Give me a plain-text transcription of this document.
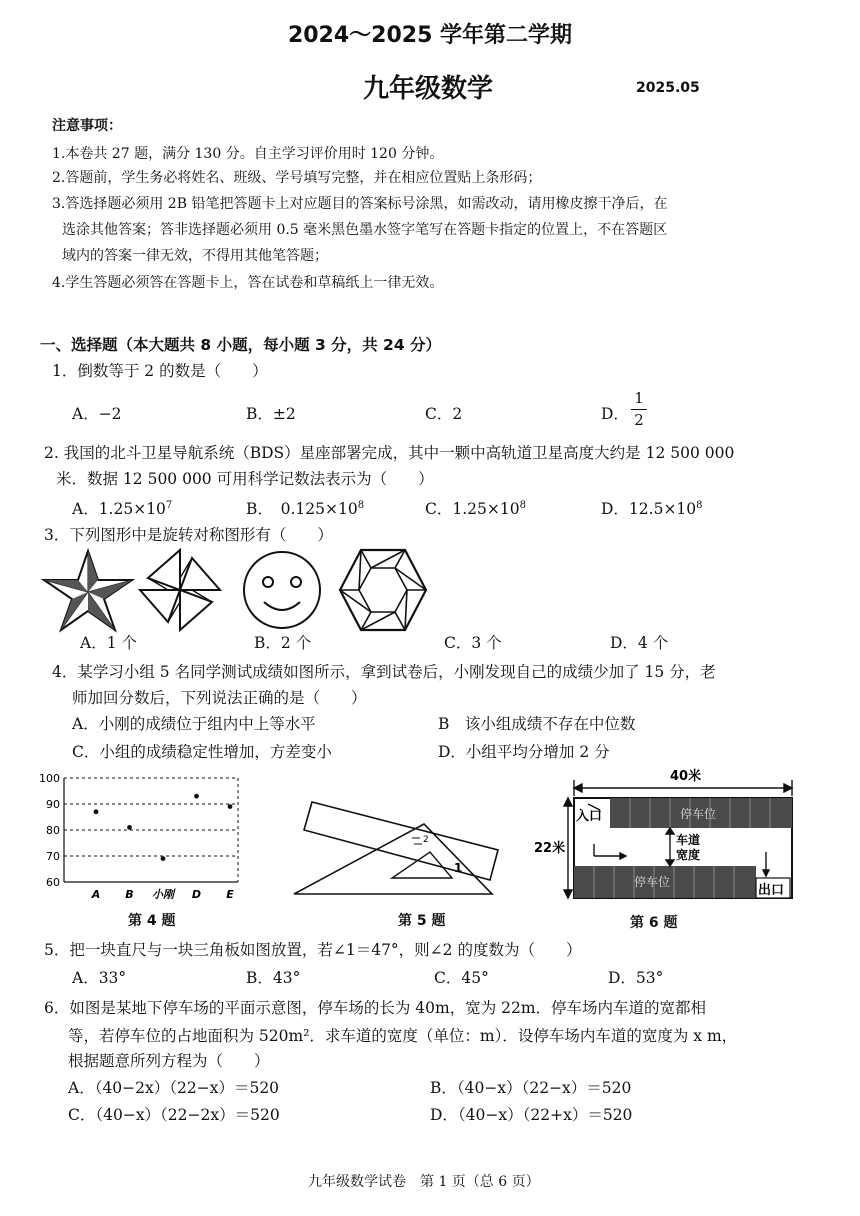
2024～2025 学年第二学期
九年级数学	2025.05
注意事项：
1.本卷共 27 题，满分 130 分。自主学习评价用时 120 分钟。
2.答题前，学生务必将姓名、班级、学号填写完整，并在相应位置贴上条形码；
3.答选择题必须用 2B 铅笔把答题卡上对应题目的答案标号涂黑，如需改动，请用橡皮擦干净后，在
选涂其他答案；答非选择题必须用 0.5 毫米黑色墨水签字笔写在答题卡指定的位置上，不在答题区
域内的答案一律无效，不得用其他笔答题；
4.学生答题必须答在答题卡上，答在试卷和草稿纸上一律无效。
一、选择题（本大题共 8 小题，每小题 3 分，共 24 分）
1．倒数等于 2 的数是（　　）
A．−2	B．±2	C．2	D．
1
2
2. 我国的北斗卫星导航系统（BDS）星座部署完成，其中一颗中高轨道卫星高度大约是 12 500 000
米．数据 12 500 000 可用科学记数法表示为（　　）
A．$1.25\times 10^7$	B．　$0.125\times 10^8$	C．$1.25\times 10^8$	D．$12.5\times 10^8$
3．下列图形中是旋转对称图形有（　　）
A．1 个	B．2 个	C．3 个	D．4 个
4．某学习小组 5 名同学测试成绩如图所示，拿到试卷后，小刚发现自己的成绩少加了 15 分，老
师加回分数后，下列说法正确的是（　　）
A．小刚的成绩位于组内中上等水平	B　该小组成绩不存在中位数
C．小组的成绩稳定性增加，方差变小	D．小组平均分增加 2 分
60
70
80
90
100
A B 小刚 D E
第 4 题
2
1
第 5 题
入口
出口
停车位
停车位
车道
宽度
40米
22米
第 6 题
5．把一块直尺与一块三角板如图放置，若∠1＝47°，则∠2 的度数为（　　）
A．33°	B．43°	C．45°	D．53°
6．如图是某地下停车场的平面示意图，停车场的长为 40m，宽为 22m．停车场内车道的宽都相
等，若停车位的占地面积为 520m²．求车道的宽度（单位：m）．设停车场内车道的宽度为 x m，
根据题意所列方程为（　　）
A．（40−2x）（22−x）＝520	B．（40−x）（22−x）＝520
C．（40−x）（22−2x）＝520	D．（40−x）（22+x）＝520
九年级数学试卷　第 1 页（总 6 页）
